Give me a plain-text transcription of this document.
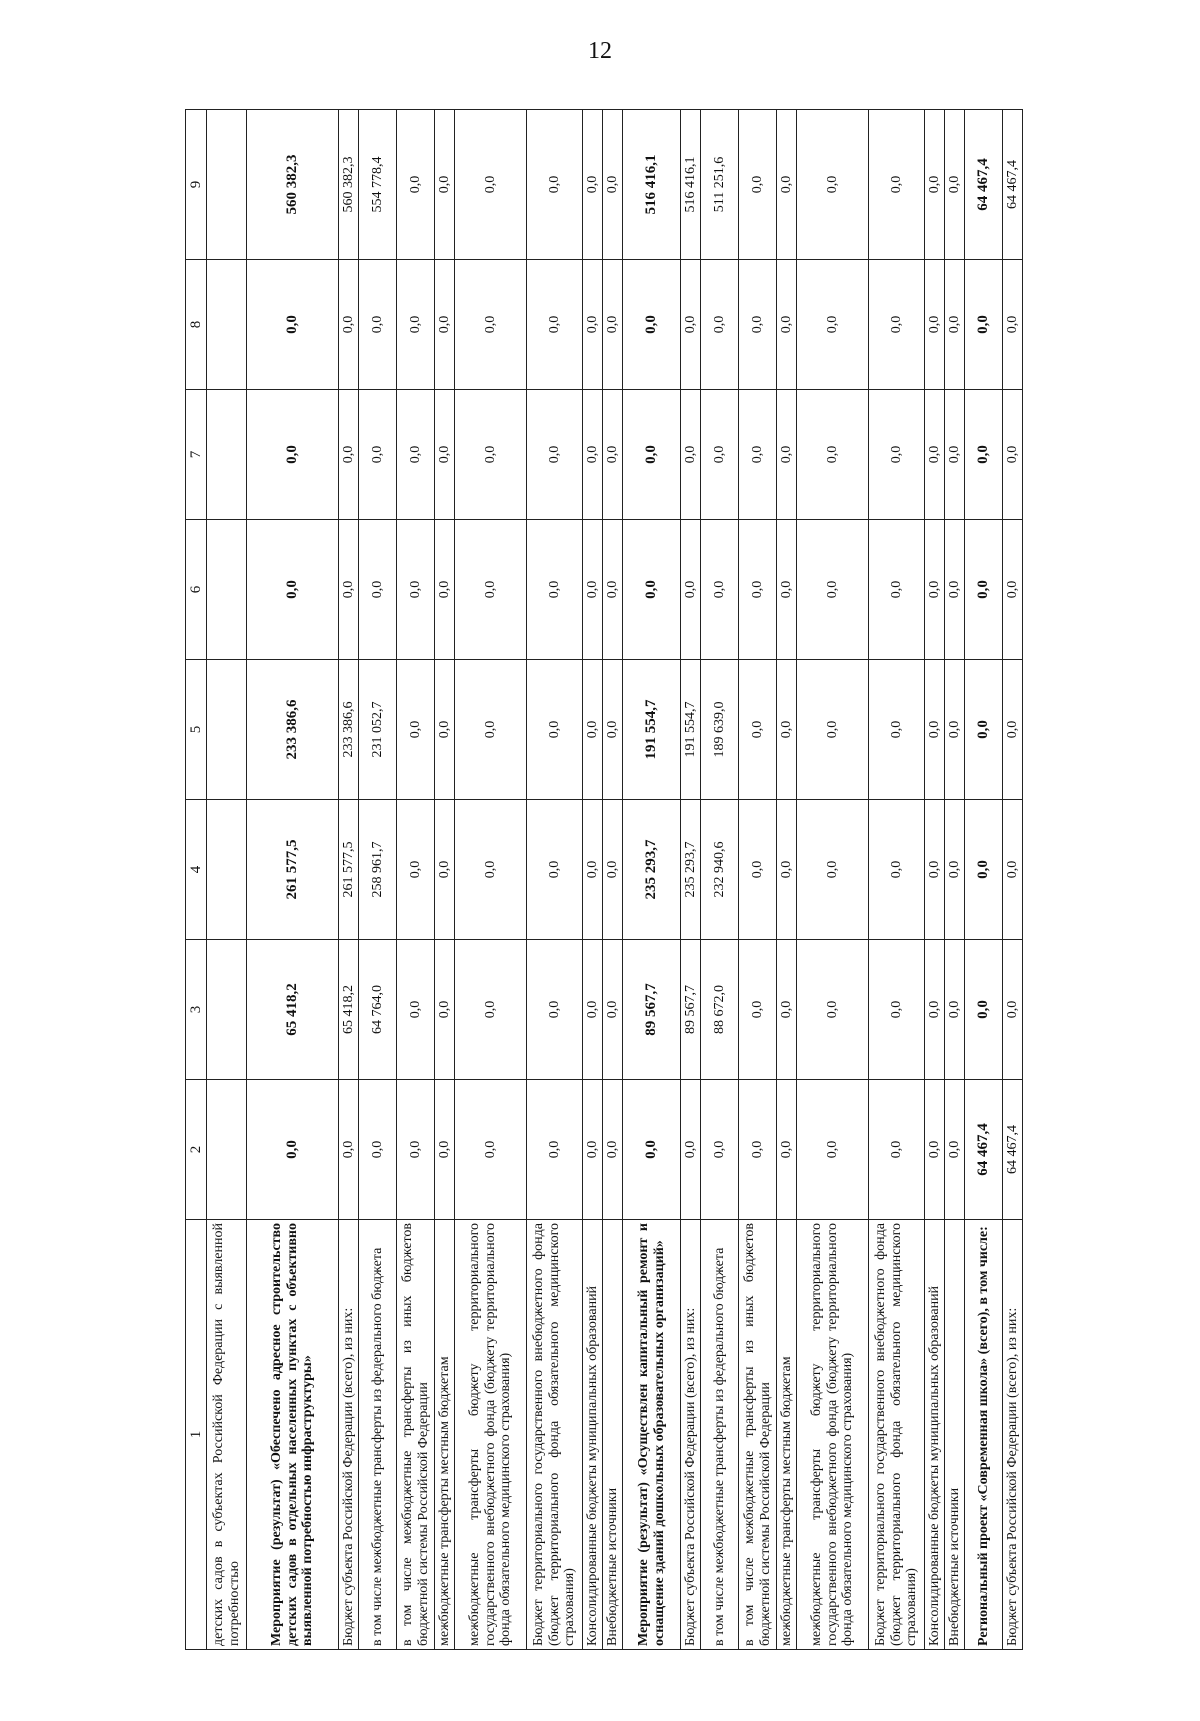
12
1	2	3	4	5	6	7	8	9
детских садов в субъектах Российской Федерации с выявленной потребностью								
Мероприятие (результат) «Обеспечено адресное строительство детских садов в отдельных населенных пунктах с объективно выявленной потребностью инфраструктуры»	0,0	65 418,2	261 577,5	233 386,6	0,0	0,0	0,0	560 382,3
Бюджет субъекта Российской Федерации (всего), из них:	0,0	65 418,2	261 577,5	233 386,6	0,0	0,0	0,0	560 382,3
в том числе межбюджетные трансферты из федерального бюджета	0,0	64 764,0	258 961,7	231 052,7	0,0	0,0	0,0	554 778,4
в том числе межбюджетные трансферты из иных бюджетов бюджетной системы Российской Федерации	0,0	0,0	0,0	0,0	0,0	0,0	0,0	0,0
межбюджетные трансферты местным бюджетам	0,0	0,0	0,0	0,0	0,0	0,0	0,0	0,0
межбюджетные трансферты бюджету территориального государственного внебюджетного фонда (бюджету территориального фонда обязательного медицинского страхования)	0,0	0,0	0,0	0,0	0,0	0,0	0,0	0,0
Бюджет территориального государственного внебюджетного фонда (бюджет территориального фонда обязательного медицинского страхования)	0,0	0,0	0,0	0,0	0,0	0,0	0,0	0,0
Консолидированные бюджеты муниципальных образований	0,0	0,0	0,0	0,0	0,0	0,0	0,0	0,0
Внебюджетные источники	0,0	0,0	0,0	0,0	0,0	0,0	0,0	0,0
Мероприятие (результат) «Осуществлен капитальный ремонт и оснащение зданий дошкольных образовательных организаций»	0,0	89 567,7	235 293,7	191 554,7	0,0	0,0	0,0	516 416,1
Бюджет субъекта Российской Федерации (всего), из них:	0,0	89 567,7	235 293,7	191 554,7	0,0	0,0	0,0	516 416,1
в том числе межбюджетные трансферты из федерального бюджета	0,0	88 672,0	232 940,6	189 639,0	0,0	0,0	0,0	511 251,6
в том числе межбюджетные трансферты из иных бюджетов бюджетной системы Российской Федерации	0,0	0,0	0,0	0,0	0,0	0,0	0,0	0,0
межбюджетные трансферты местным бюджетам	0,0	0,0	0,0	0,0	0,0	0,0	0,0	0,0
межбюджетные трансферты бюджету территориального государственного внебюджетного фонда (бюджету территориального фонда обязательного медицинского страхования)	0,0	0,0	0,0	0,0	0,0	0,0	0,0	0,0
Бюджет территориального государственного внебюджетного фонда (бюджет территориального фонда обязательного медицинского страхования)	0,0	0,0	0,0	0,0	0,0	0,0	0,0	0,0
Консолидированные бюджеты муниципальных образований	0,0	0,0	0,0	0,0	0,0	0,0	0,0	0,0
Внебюджетные источники	0,0	0,0	0,0	0,0	0,0	0,0	0,0	0,0
Региональный проект «Современная школа» (всего), в том числе:	64 467,4	0,0	0,0	0,0	0,0	0,0	0,0	64 467,4
Бюджет субъекта Российской Федерации (всего), из них:	64 467,4	0,0	0,0	0,0	0,0	0,0	0,0	64 467,4
